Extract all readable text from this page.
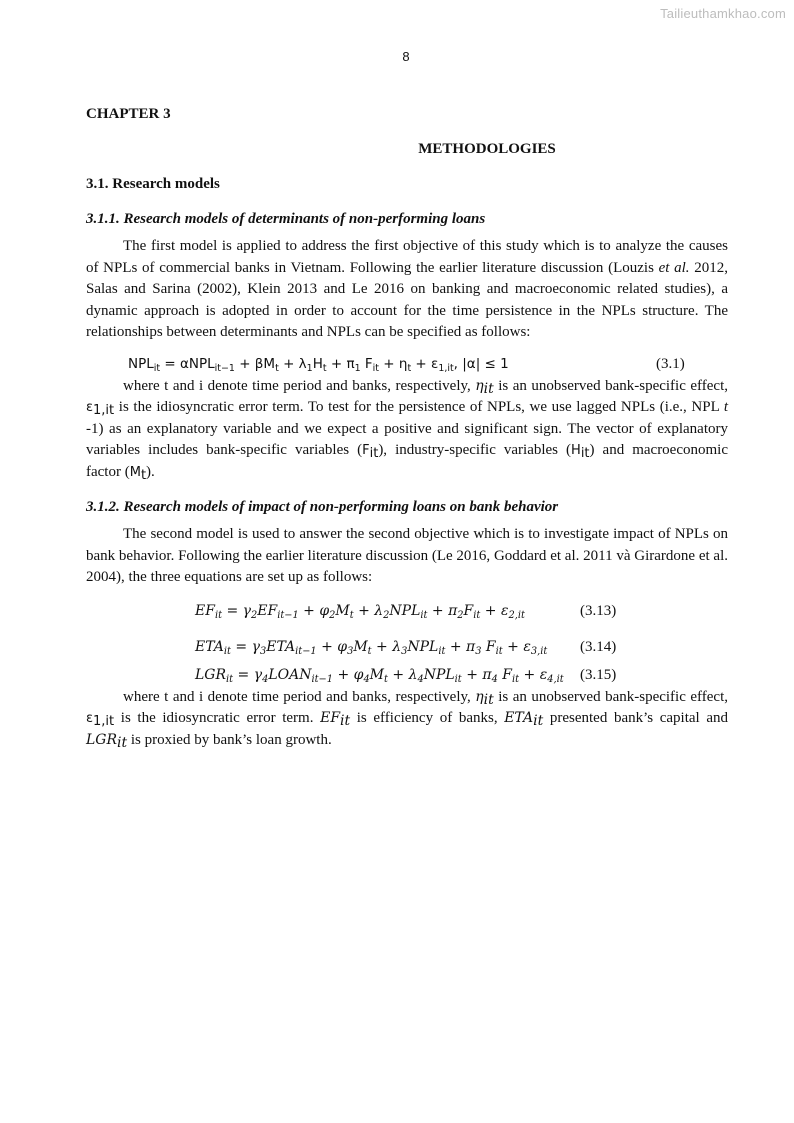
Tailieuthamkhao.com
8

CHAPTER 3

METHODOLOGIES

3.1. Research models

3.1.1. Research models of determinants of non-performing loans

The first model is applied to address the first objective of this study which is to analyze the causes of NPLs of commercial banks in Vietnam. Following the earlier literature discussion (Louzis et al. 2012, Salas and Sarina (2002), Klein 2013 and Le 2016 on banking and macroeconomic related studies), a dynamic approach is adopted in order to account for the time persistence in the NPLs structure. The relationships between determinants and NPLs can be specified as follows:

$NPL_{it} = \alpha NPL_{it-1} + \beta M_t + \lambda_1H_t + \pi_1$ $F_{it} + \eta_t + \varepsilon_{1,it}$, |α| ≤ 1	(3.1)

where t and i denote time period and banks, respectively, $\eta_{it}$ is an unobserved bank-specific effect, $\varepsilon_{1,it}$ is the idiosyncratic error term. To test for the persistence of NPLs, we use lagged NPLs (i.e., NPL t -1) as an explanatory variable and we expect a positive and significant sign. The vector of explanatory variables includes bank-specific variables $(F_{it})$, industry-specific variables $(H_{it})$ and macroeconomic factor $(M_t)$.

3.1.2. Research models of impact of non-performing loans on bank behavior

The second model is used to answer the second objective which is to investigate impact of NPLs on bank behavior. Following the earlier literature discussion (Le 2016, Goddard et al. 2011 và Girardone et al. 2004), the three equations are set up as follows:

$EF_{it} = \gamma_2EF_{it-1} + \varphi_2M_t + \lambda_2NPL_{it} + \pi_2F_{it} + \varepsilon_{2,it}$	(3.13)
$ETA_{it} = \gamma_3ETA_{it-1} + \varphi_3M_t + \lambda_3NPL_{it} + \pi_3$ $F_{it} + \varepsilon_{3,it}$ (3.14)
$LGR_{it}$ = $\gamma_4LOAN_{it-1} + \varphi_4M_t + \lambda_4NPL_{it} + \pi_4$ $F_{it} + \varepsilon_{4,it}$ (3.15)

where t and i denote time period and banks, respectively, $\eta_{it}$ is an unobserved bank-specific effect, $\varepsilon_{1,it}$ is the idiosyncratic error term. $EF_{it}$ is efficiency of banks, $ETA_{it}$ presented bank’s capital and $LGR_{it}$ is proxied by bank’s loan growth.
